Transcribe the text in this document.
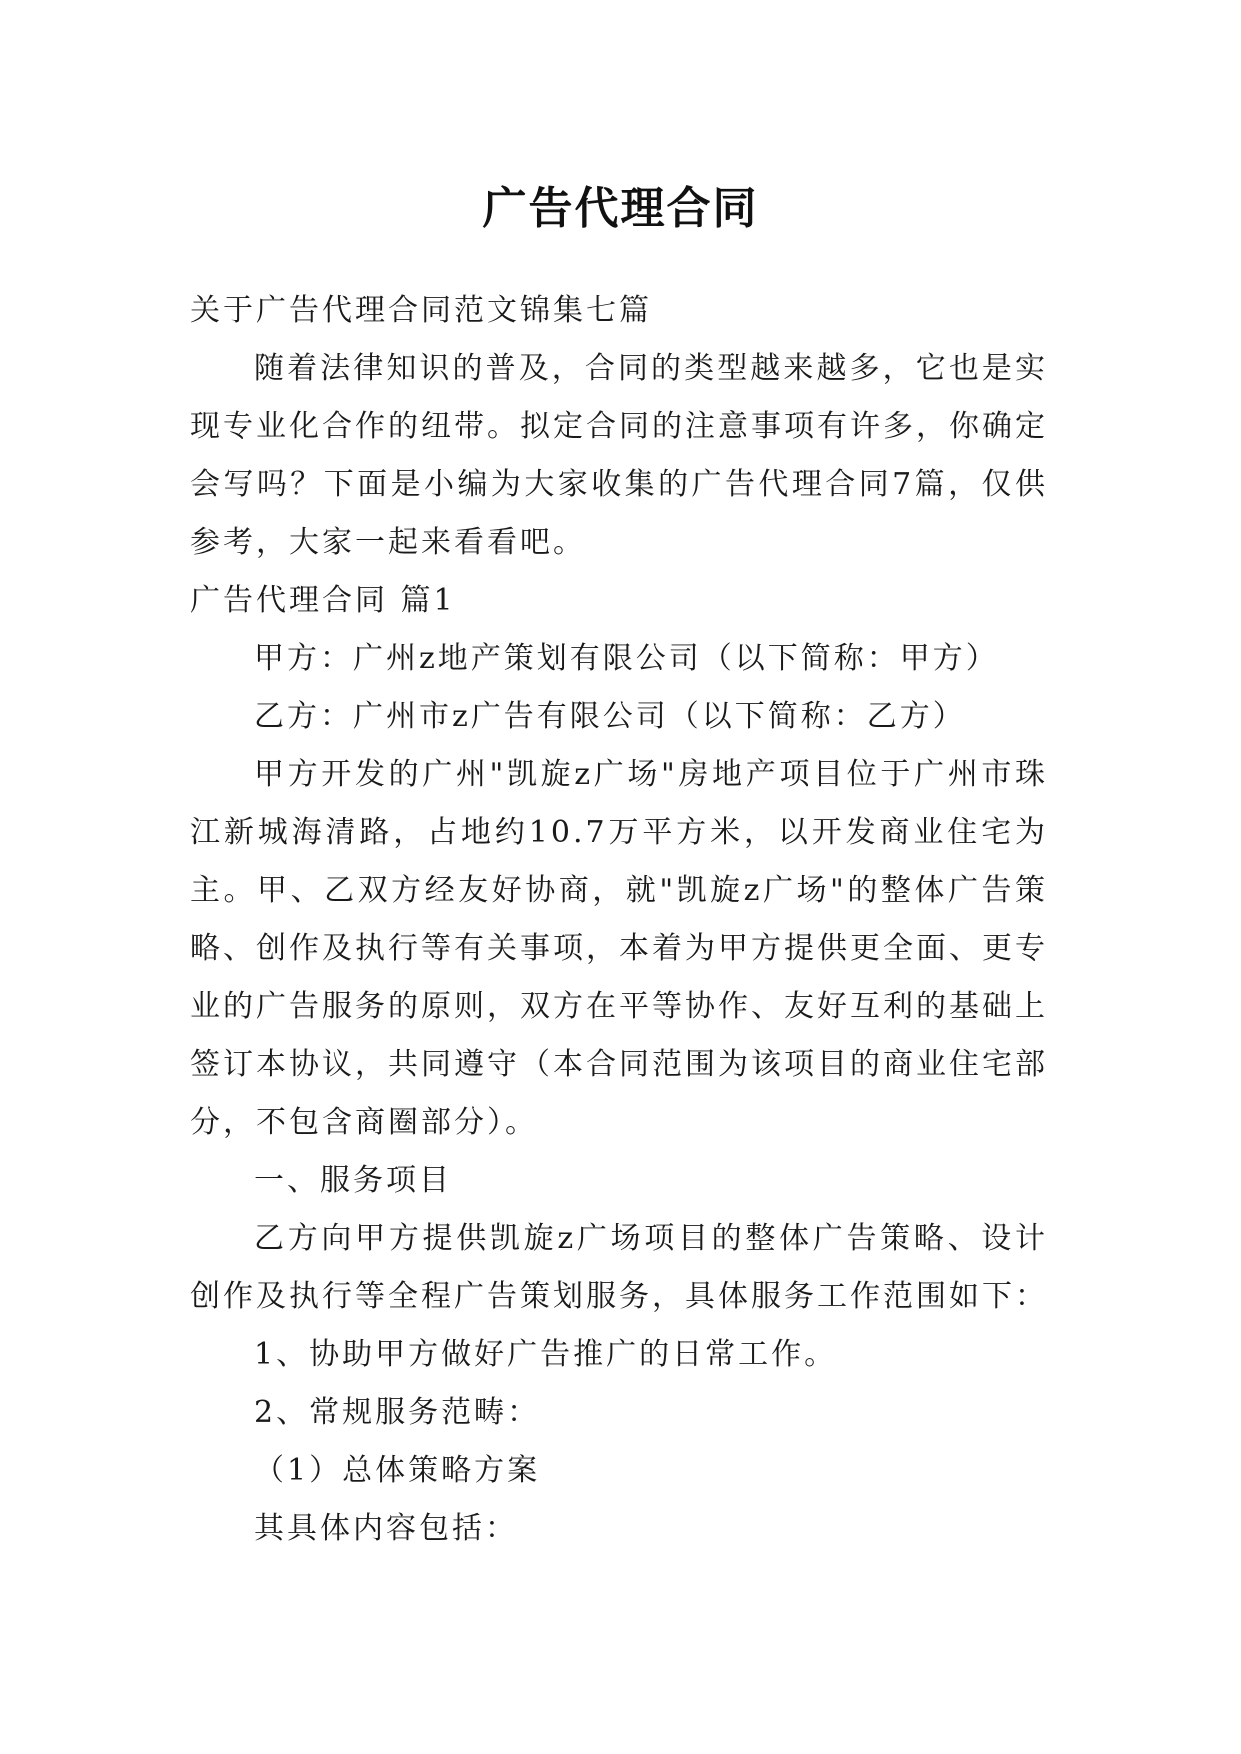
广告代理合同

关于广告代理合同范文锦集七篇

随着法律知识的普及，合同的类型越来越多，它也是实现专业化合作的纽带。拟定合同的注意事项有许多，你确定会写吗？下面是小编为大家收集的广告代理合同7篇，仅供参考，大家一起来看看吧。

广告代理合同 篇1

甲方：广州z地产策划有限公司（以下简称：甲方）

乙方：广州市z广告有限公司（以下简称：乙方）

甲方开发的广州"凯旋z广场"房地产项目位于广州市珠江新城海清路，占地约10.7万平方米，以开发商业住宅为主。甲、乙双方经友好协商，就"凯旋z广场"的整体广告策略、创作及执行等有关事项，本着为甲方提供更全面、更专业的广告服务的原则，双方在平等协作、友好互利的基础上签订本协议，共同遵守（本合同范围为该项目的商业住宅部分，不包含商圈部分）。

一、服务项目

乙方向甲方提供凯旋z广场项目的整体广告策略、设计创作及执行等全程广告策划服务，具体服务工作范围如下：

1、协助甲方做好广告推广的日常工作。

2、常规服务范畴：

（1）总体策略方案

其具体内容包括：
